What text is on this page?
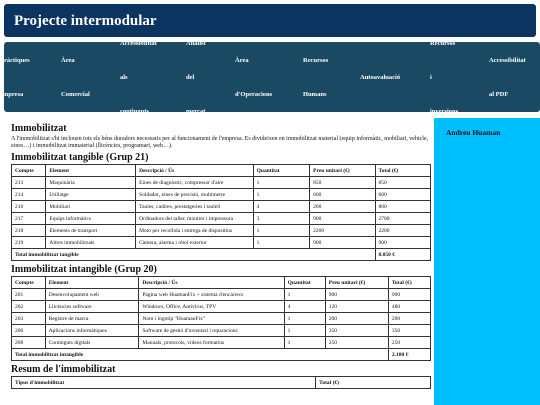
Projecte intermodular
Pràctiques

empresa
Àrea

Comercial
Accessibilitat

als

continguts
Anàlisi

del

mercat
Àrea

d'Operacions
Recursos

Humans
Autoavaluació
Recursos

i

inversions
Accessibilitat

al PDF
Immobilitzat

A l'immobilitzat s'hi inclouen tots els béns duradors necessaris per al funcionament de l'empresa. Es divideixen en immobilitzat material (equip informàtic, mobiliari, vehicle, eines…) i immobilitzat immaterial (llicències, programari, web…).

Immobilitzat tangible (Grup 21)
Compte	Element	Descripció / Ús	Quantitat	Preu unitari (€)	Total (€)
213	Maquinària	Eines de diagnòstic, compressor d'aire	1	850	850
214	Utillatge	Soldador, eines de precisió, multímetre	1	600	600
216	Mobiliari	Taules, cadires, prestatgeries i taulell	4	200	800
217	Equips informàtics	Ordinadors del taller, monitor i impressora	3	900	2700
218	Elements de transport	Moto per recollida i entrega de dispositius	1	2200	2200
219	Altres immobilitzats	Càmera, alarma i rètol exterior	1	900	900
Total immobilitzat tangible					8.050 €
Immobilitzat intangible (Grup 20)
Compte	Element	Descripció / Ús	Quantitat	Preu unitari (€)	Total (€)
201	Desenvolupament web	Pàgina web HuamanFix + sistema d'encàrrecs	1	900	900
202	Llicències software	Windows, Office, Antivirus, TPV	4	120	480
203	Registre de marca	Nom i logotip "HuamanFix"	1	200	200
206	Aplicacions informàtiques	Software de gestió d'inventari i reparacions	1	350	350
208	Continguts digitals	Manuals, protocols, vídeos formatius	1	250	250
Total immobilitzat intangible					2.180 €
Resum de l'immobilitzat
Tipus d'immobilitzat	Total (€)
Andreu Huaman
